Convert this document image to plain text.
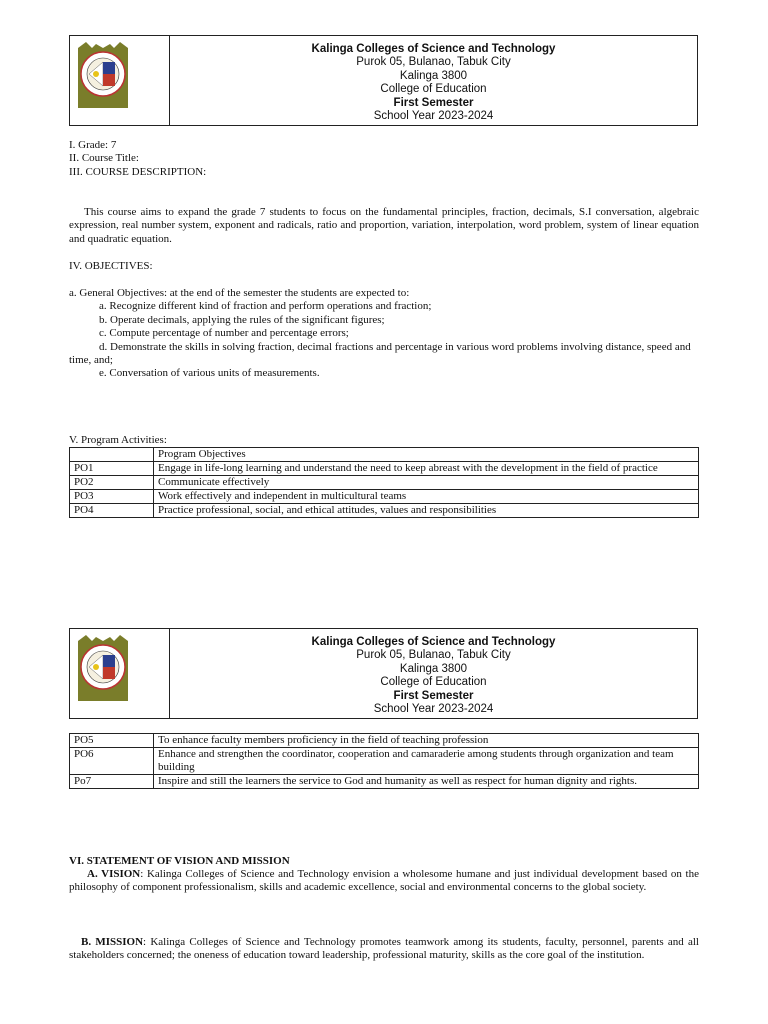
Kalinga Colleges of Science and Technology
Purok 05, Bulanao, Tabuk City
Kalinga 3800
College of Education
First Semester
School Year 2023-2024
I. Grade: 7
II. Course Title:
III. COURSE DESCRIPTION:
This course aims to expand the grade 7 students to focus on the fundamental principles, fraction, decimals, S.I conversation, algebraic expression, real number system, exponent and radicals, ratio and proportion, variation, interpolation, word problem, system of linear equation and quadratic equation.
IV. OBJECTIVES:
a. General Objectives: at the end of the semester the students are expected to:
a. Recognize different kind of fraction and perform operations and fraction;
b. Operate decimals, applying the rules of the significant figures;
c. Compute percentage of number and percentage errors;
d. Demonstrate the skills in solving fraction, decimal fractions and percentage in various word problems involving distance, speed and time, and;
e. Conversation of various units of measurements.
V. Program Activities:
	Program Objectives
PO1	Engage in life-long learning and understand the need to keep abreast with the development in the field of practice
PO2	Communicate effectively
PO3	Work effectively and independent in multicultural teams
PO4	Practice professional, social, and ethical attitudes, values and responsibilities
Kalinga Colleges of Science and Technology
Purok 05, Bulanao, Tabuk City
Kalinga 3800
College of Education
First Semester
School Year 2023-2024
PO5	To enhance faculty members proficiency in the field of teaching profession
PO6	Enhance and strengthen the coordinator, cooperation and camaraderie among students through organization and team building
Po7	Inspire and still the learners the service to God and humanity as well as respect for human dignity and rights.
VI. STATEMENT OF VISION AND MISSION
A. VISION: Kalinga Colleges of Science and Technology envision a wholesome humane and just individual development based on the philosophy of component professionalism, skills and academic excellence, social and environmental concerns to the global society.
B. MISSION: Kalinga Colleges of Science and Technology promotes teamwork among its students, faculty, personnel, parents and all stakeholders concerned; the oneness of education toward leadership, professional maturity, skills as the core goal of the institution.
